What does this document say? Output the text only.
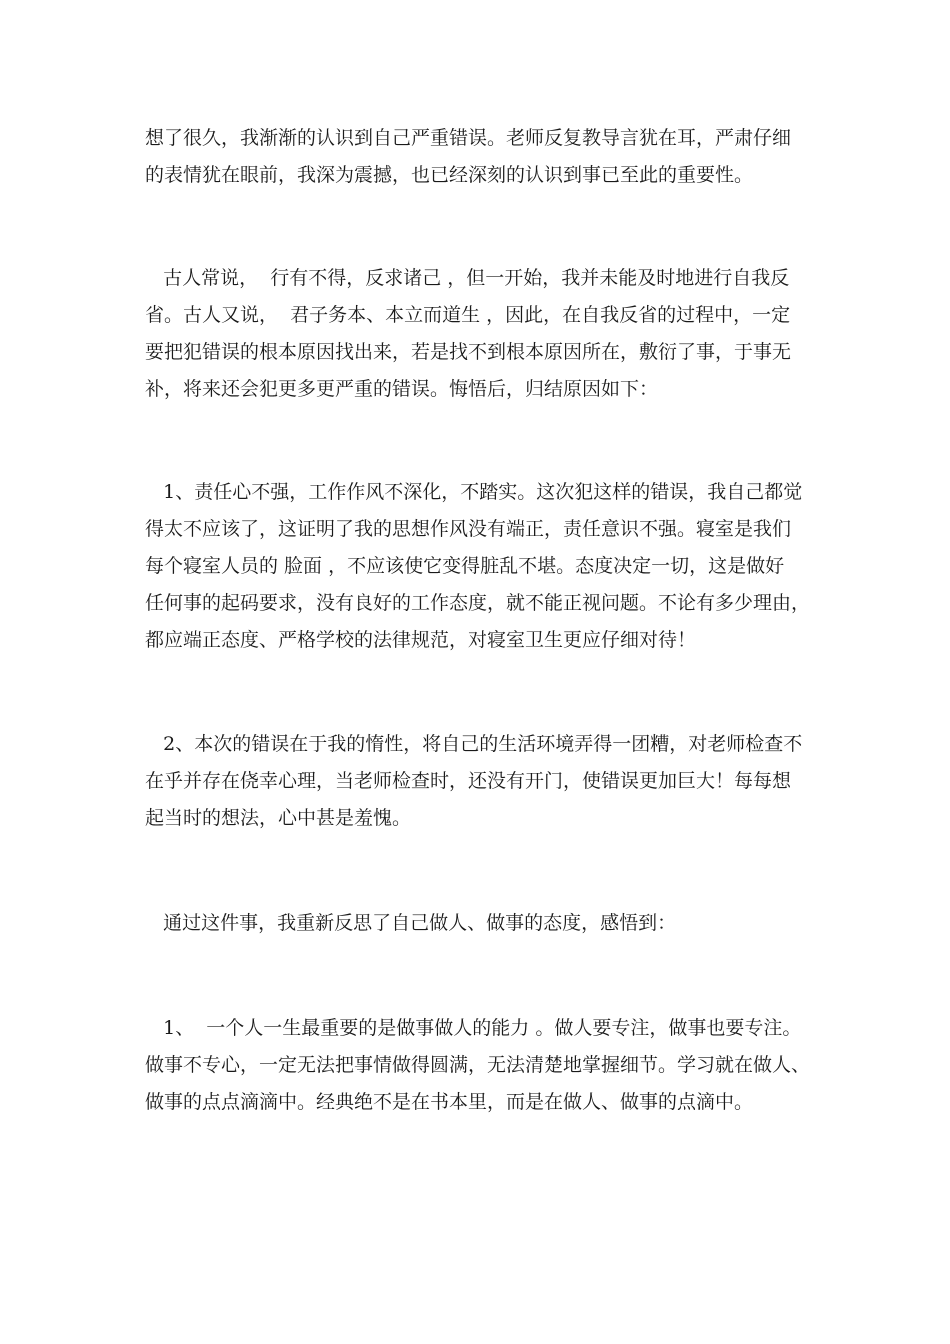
想了很久，我渐渐的认识到自己严重错误。老师反复教导言犹在耳，严肃仔细
的表情犹在眼前，我深为震撼，也已经深刻的认识到事已至此的重要性。
古人常说，  行有不得，反求诸己 ，但一开始，我并未能及时地进行自我反
省。古人又说，  君子务本、本立而道生 ，因此，在自我反省的过程中，一定
要把犯错误的根本原因找出来，若是找不到根本原因所在，敷衍了事，于事无
补，将来还会犯更多更严重的错误。悔悟后，归结原因如下：
1、责任心不强，工作作风不深化，不踏实。这次犯这样的错误，我自己都觉
得太不应该了，这证明了我的思想作风没有端正，责任意识不强。寝室是我们
每个寝室人员的 脸面 ，不应该使它变得脏乱不堪。态度决定一切，这是做好
任何事的起码要求，没有良好的工作态度，就不能正视问题。不论有多少理由，
都应端正态度、严格学校的法律规范，对寝室卫生更应仔细对待！
2、本次的错误在于我的惰性，将自己的生活环境弄得一团糟，对老师检查不
在乎并存在侥幸心理，当老师检查时，还没有开门，使错误更加巨大！每每想
起当时的想法，心中甚是羞愧。
通过这件事，我重新反思了自己做人、做事的态度，感悟到：
1、  一个人一生最重要的是做事做人的能力 。做人要专注，做事也要专注。
做事不专心，一定无法把事情做得圆满，无法清楚地掌握细节。学习就在做人、
做事的点点滴滴中。经典绝不是在书本里，而是在做人、做事的点滴中。
